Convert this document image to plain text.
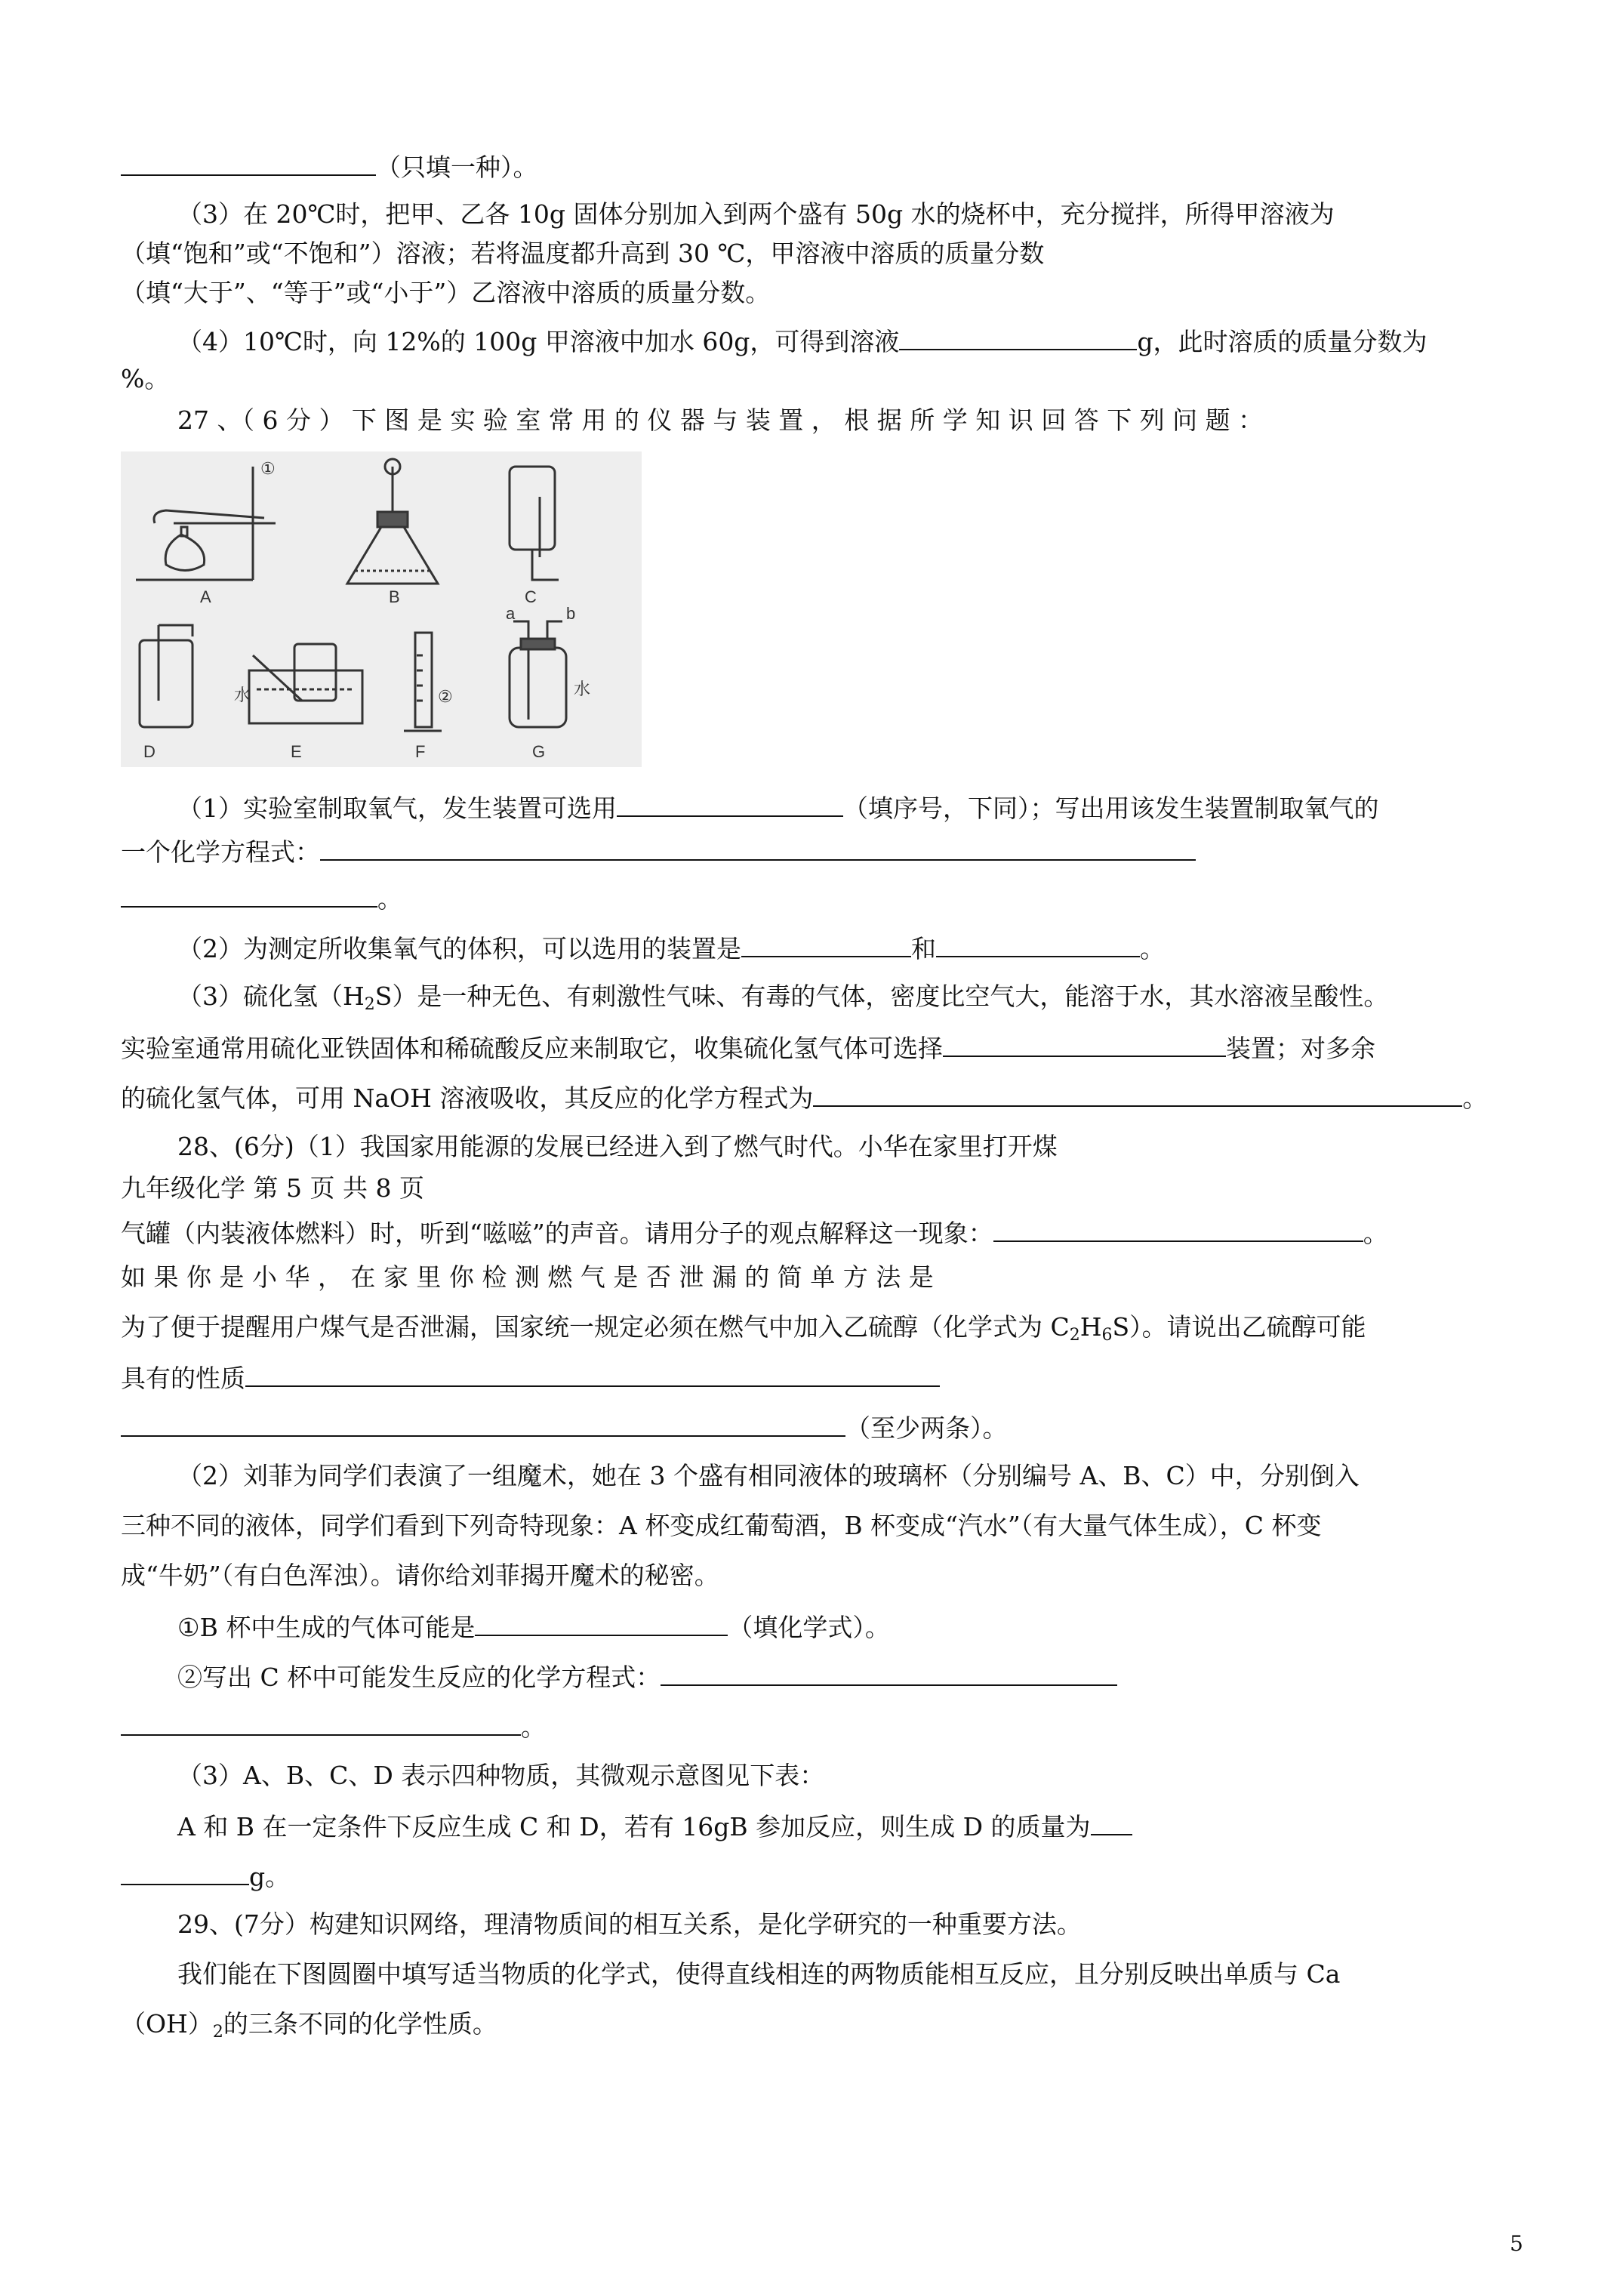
（只填一种）。
（3）在 20℃时，把甲、乙各 10g 固体分别加入到两个盛有 50g 水的烧杯中，充分搅拌，所得甲溶液为
（填“饱和”或“不饱和”）溶液；若将温度都升高到 30 ℃，甲溶液中溶质的质量分数
（填“大于”、“等于”或“小于”）乙溶液中溶质的质量分数。
（4）10℃时，向 12%的 100g 甲溶液中加水 60g，可得到溶液	g，此时溶质的质量分数为
%。
27 、（ 6 分 ） 下 图 是 实 验 室 常 用 的 仪 器 与 装 置 ， 根 据 所 学 知 识 回 答 下 列 问 题 ：
①
A	B	C
D
水
E
②
F
a	b
水
G
（1）实验室制取氧气，发生装置可选用	（填序号，下同）；写出用该发生装置制取氧气的
一个化学方程式：
。
（2）为测定所收集氧气的体积，可以选用的装置是	和	。
（3）硫化氢$(H_2S)$是一种无色、有刺激性气味、有毒的气体，密度比空气大，能溶于水，其水溶液呈酸性。
实验室通常用硫化亚铁固体和稀硫酸反应来制取它，收集硫化氢气体可选择	装置；对多余
的硫化氢气体，可用 NaOH 溶液吸收，其反应的化学方程式为	。
28、(6分)（1）我国家用能源的发展已经进入到了燃气时代。小华在家里打开煤
九年级化学 第 5 页 共 8 页
气罐（内装液体燃料）时，听到“嗞嗞”的声音。请用分子的观点解释这一现象：	。
如 果 你 是 小 华 ， 在 家 里 你 检 测 燃 气 是 否 泄 漏 的 简 单 方 法 是
为了便于提醒用户煤气是否泄漏，国家统一规定必须在燃气中加入乙硫醇（化学式为 $C_2H_6S$）。请说出乙硫醇可能
具有的性质
（至少两条）。
（2）刘菲为同学们表演了一组魔术，她在 3 个盛有相同液体的玻璃杯（分别编号 A、B、C）中，分别倒入
三种不同的液体，同学们看到下列奇特现象：A 杯变成红葡萄酒，B 杯变成“汽水”（有大量气体生成），C 杯变
成“牛奶”（有白色浑浊）。请你给刘菲揭开魔术的秘密。
①B 杯中生成的气体可能是	（填化学式）。
②写出 C 杯中可能发生反应的化学方程式：
。
（3）A、B、C、D 表示四种物质，其微观示意图见下表：
A 和 B 在一定条件下反应生成 C 和 D，若有 16gB 参加反应，则生成 D 的质量为
g。
29、(7分）构建知识网络，理清物质间的相互关系，是化学研究的一种重要方法。
我们能在下图圆圈中填写适当物质的化学式，使得直线相连的两物质能相互反应，且分别反映出单质与 Ca
$(OH)_2$的三条不同的化学性质。
5
